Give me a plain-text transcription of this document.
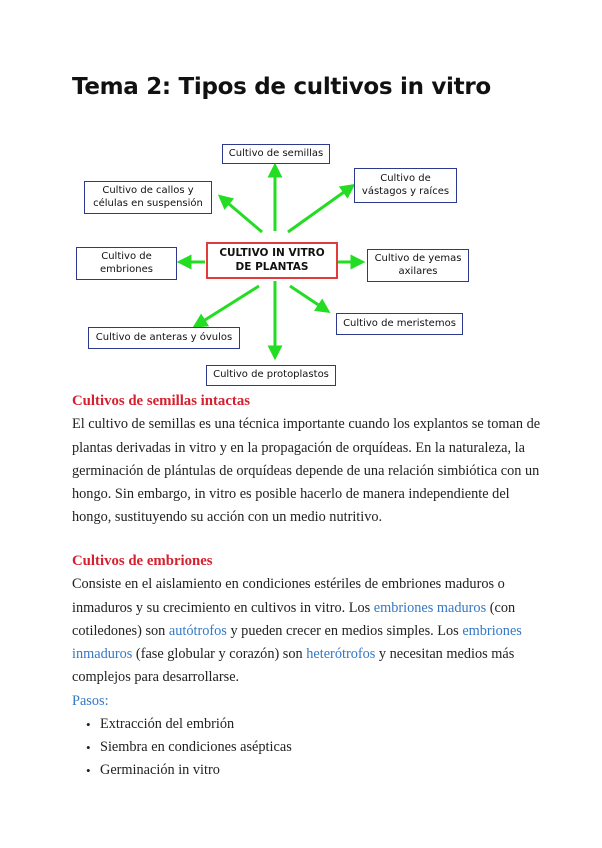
Tema 2: Tipos de cultivos in vitro
Cultivo de semillas
Cultivo de
vástagos y raíces
Cultivo de callos y
células en suspensión
Cultivo de
embriones
CULTIVO IN VITRO
DE PLANTAS
Cultivo de yemas
axilares
Cultivo de meristemos
Cultivo de anteras y óvulos
Cultivo de protoplastos
Cultivos de semillas intactas
El cultivo de semillas es una técnica importante cuando los explantos se toman de plantas derivadas in vitro y en la propagación de orquídeas. En la naturaleza, la germinación de plántulas de orquídeas depende de una relación simbiótica con un hongo. Sin embargo, in vitro es posible hacerlo de manera independiente del hongo, sustituyendo su acción con un medio nutritivo.
Cultivos de embriones
Consiste en el aislamiento en condiciones estériles de embriones maduros o inmaduros y su crecimiento en cultivos in vitro. Los embriones maduros (con cotiledones) son autótrofos y pueden crecer en medios simples. Los embriones inmaduros (fase globular y corazón) son heterótrofos y necesitan medios más complejos para desarrollarse.
Pasos:
• Extracción del embrión
• Siembra en condiciones asépticas
• Germinación in vitro
